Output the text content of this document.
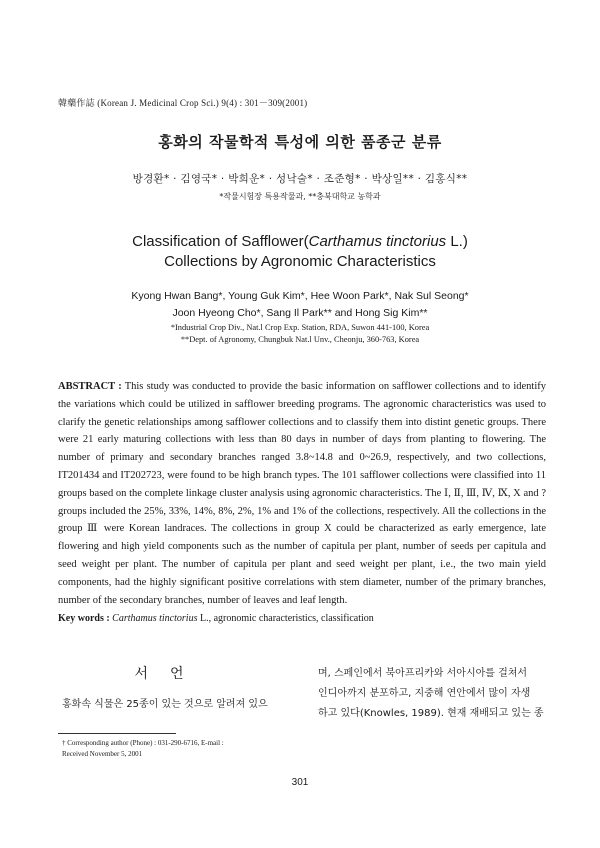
韓藥作誌 (Korean J. Medicinal Crop Sci.) 9(4) : 301－309(2001)
홍화의 작물학적 특성에 의한 품종군 분류
방경환* · 김영국* · 박희운* · 성낙술* · 조준형* · 박상일** · 김홍식**
*작물시험장 특용작물과, **충북대학교 농학과
Classification of Safflower(Carthamus tinctorius L.)
Collections by Agronomic Characteristics
Kyong Hwan Bang*, Young Guk Kim*, Hee Woon Park*, Nak Sul Seong*
Joon Hyeong Cho*, Sang Il Park** and Hong Sig Kim**
*Industrial Crop Div., Nat.l Crop Exp. Station, RDA, Suwon 441-100, Korea
**Dept. of Agronomy, Chungbuk Nat.l Unv., Cheonju, 360-763, Korea
ABSTRACT : This study was conducted to provide the basic information on safflower collections and to identify the variations which could be utilized in safflower breeding programs. The agronomic characteristics was used to clarify the genetic relationships among safflower collections and to classify them into distint genetic groups. There were 21 early maturing collections with less than 80 days in number of days from planting to flowering. The number of primary and secondary branches ranged 3.8~14.8 and 0~26.9, respectively, and two collections, IT201434 and IT202723, were found to be high branch types. The 101 safflower collections were classified into 11 groups based on the complete linkage cluster analysis using agronomic characteristics. The Ⅰ, Ⅱ, Ⅲ, Ⅳ, Ⅸ, X and ? groups included the 25%, 33%, 14%, 8%, 2%, 1% and 1% of the collections, respectively. All the collections in the group Ⅲ were Korean landraces. The collections in group X could be characterized as early emergence, late flowering and high yield components such as the number of capitula per plant, number of seeds per capitula and seed weight per plant. The number of capitula per plant and seed weight per plant, i.e., the two main yield components, had the highly significant positive correlations with stem diameter, number of the primary branches, number of the secondary branches, number of leaves and leaf length.
Key words : Carthamus tinctorius L., agronomic characteristics, classification
서언
홍화속 식물은 25종이 있는 것으로 알려져 있으
며, 스페인에서 북아프리카와 서아시아를 걸쳐서
인디아까지 분포하고, 지중해 연안에서 많이 자생
하고 있다(Knowles, 1989). 현재 재배되고 있는 종
† Corresponding author (Phone) : 031-290-6716, E-mail :
Received November 5, 2001
301
